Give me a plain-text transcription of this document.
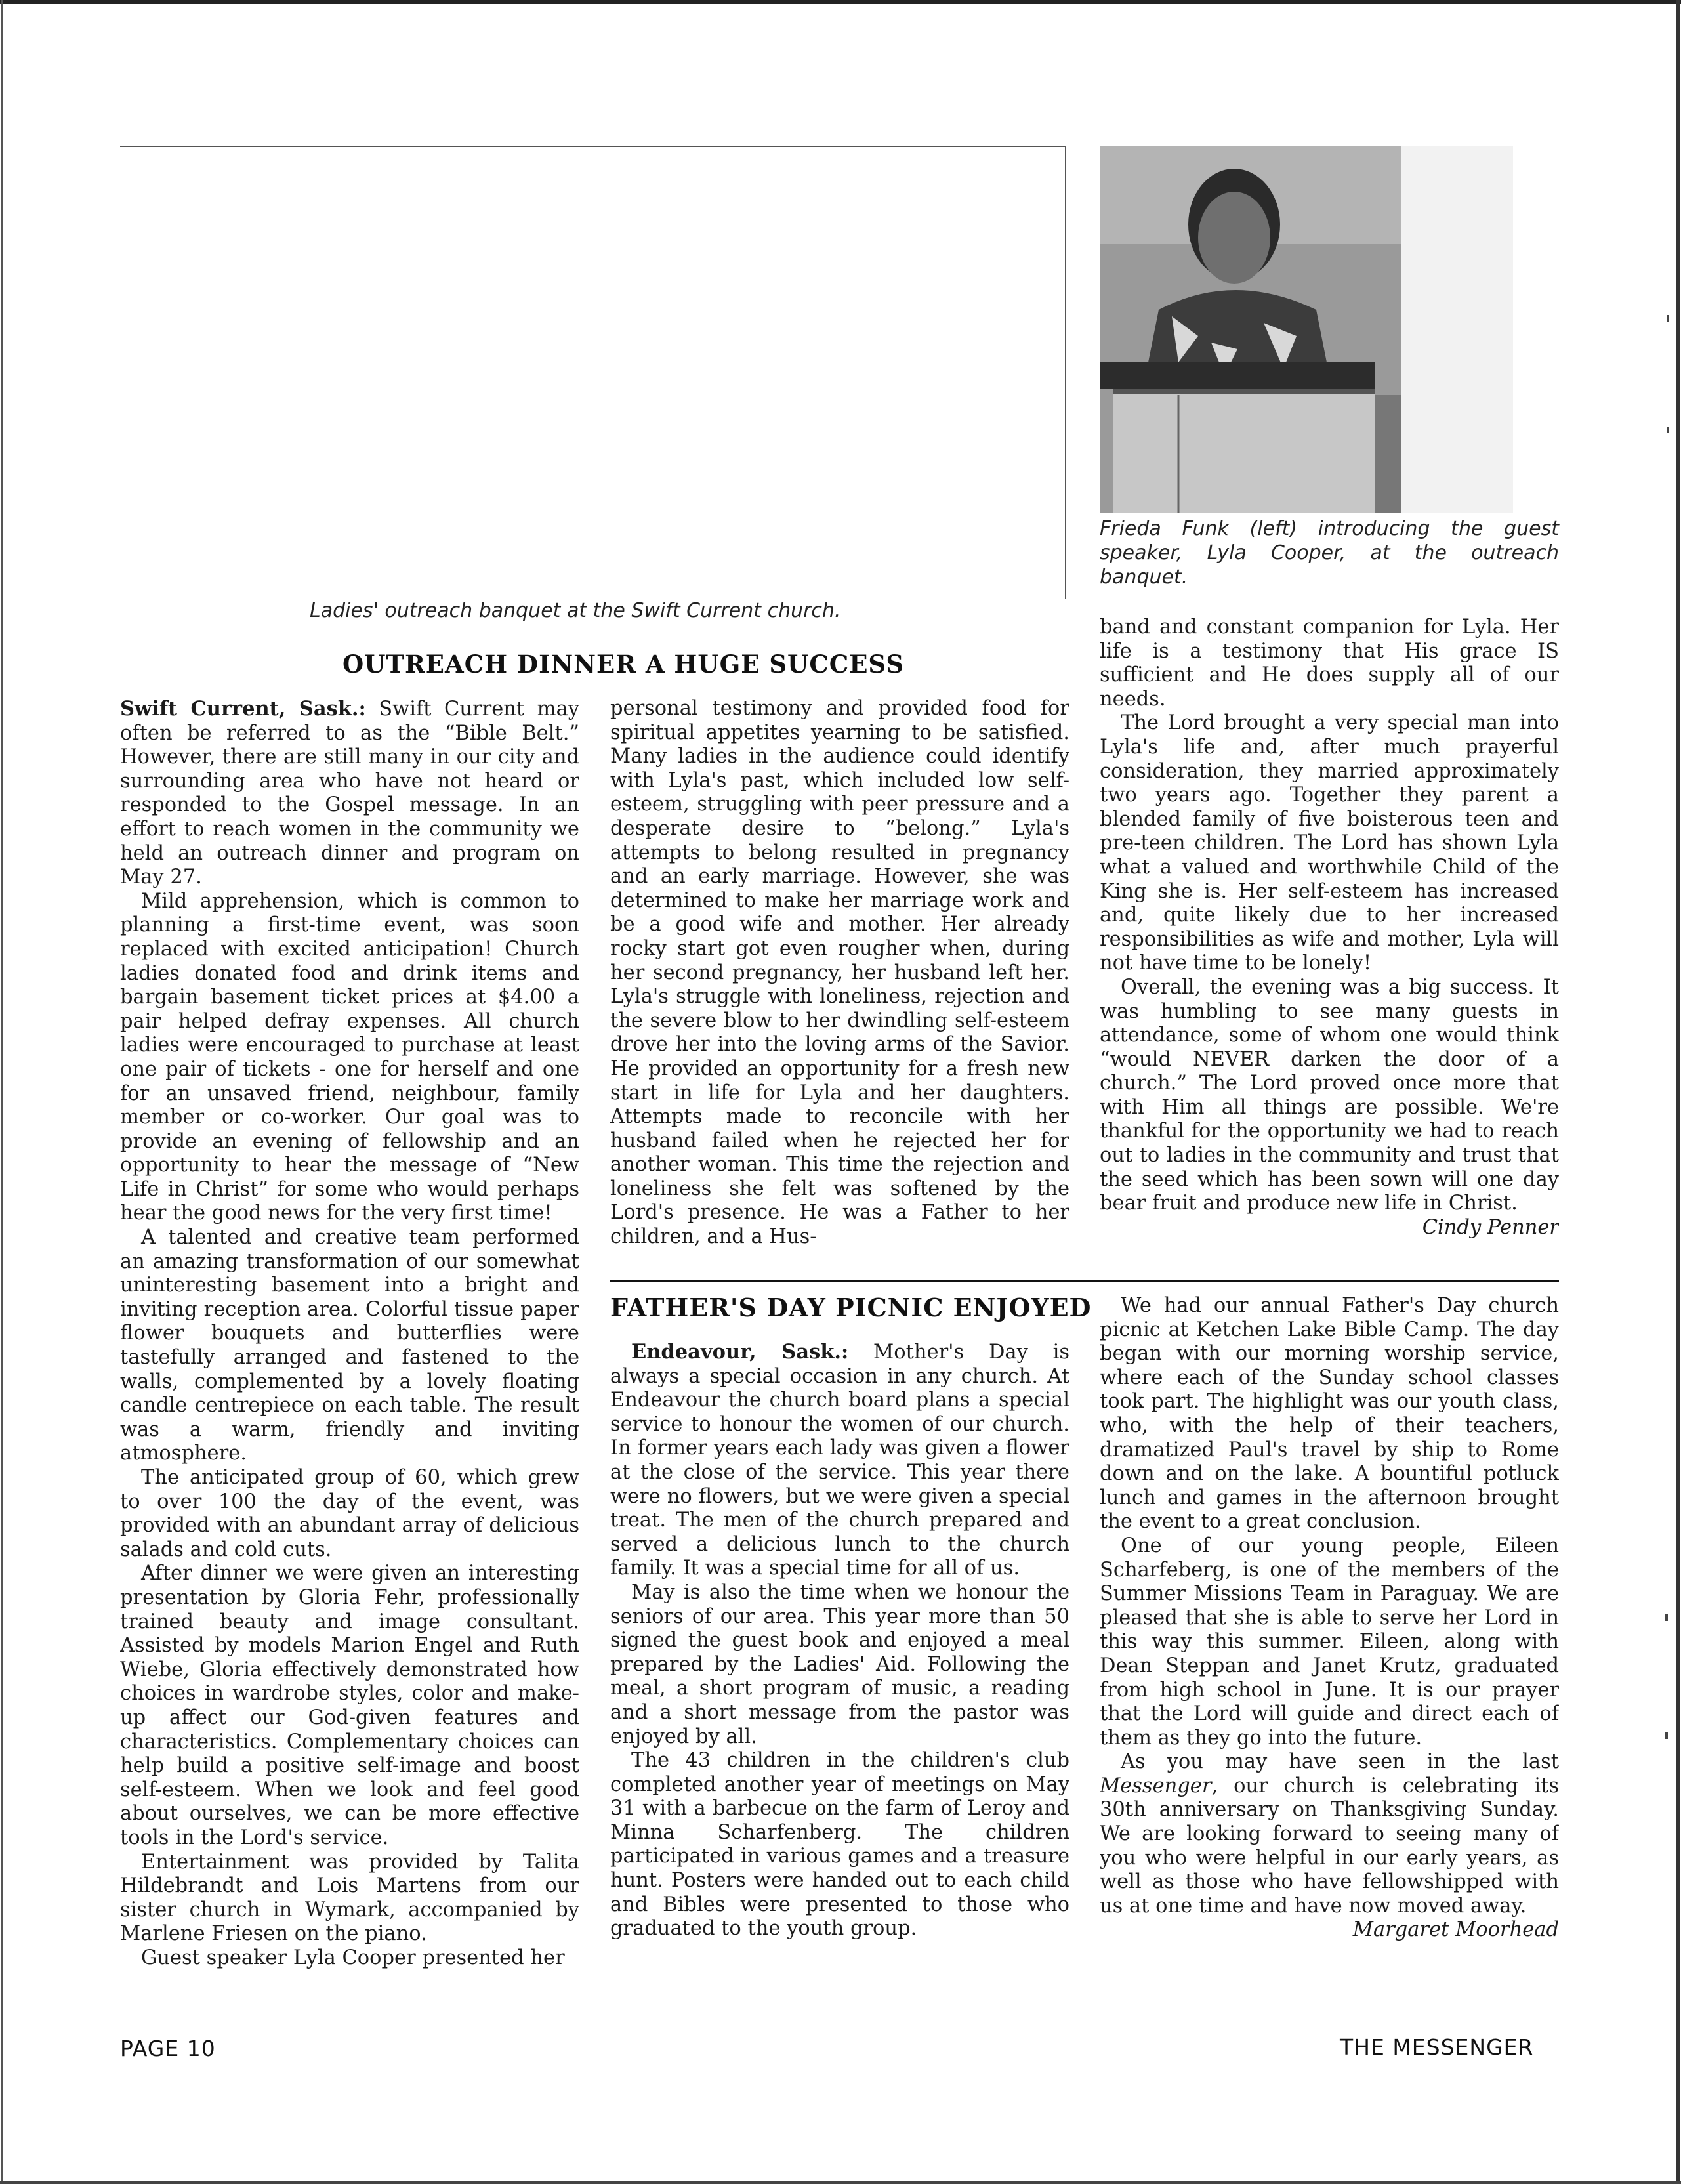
Ladies' outreach banquet at the Swift Current church.
Frieda Funk (left) introducing the guest speaker, Lyla Cooper, at the outreach banquet.
OUTREACH DINNER A HUGE SUCCESS

Swift Current, Sask.: Swift Current may often be referred to as the “Bible Belt.” However, there are still many in our city and surrounding area who have not heard or responded to the Gospel message. In an effort to reach women in the community we held an outreach dinner and program on May 27.

Mild apprehension, which is common to planning a first-time event, was soon replaced with excited anticipation! Church ladies donated food and drink items and bargain basement ticket prices at $4.00 a pair helped defray expenses. All church ladies were encouraged to purchase at least one pair of tickets - one for herself and one for an unsaved friend, neighbour, family member or co-worker. Our goal was to provide an evening of fellowship and an opportunity to hear the message of “New Life in Christ” for some who would perhaps hear the good news for the very first time!

A talented and creative team performed an amazing transformation of our somewhat uninteresting basement into a bright and inviting reception area. Colorful tissue paper flower bouquets and butterflies were tastefully arranged and fastened to the walls, complemented by a lovely floating candle centrepiece on each table. The result was a warm, friendly and inviting atmosphere.

The anticipated group of 60, which grew to over 100 the day of the event, was provided with an abundant array of delicious salads and cold cuts.

After dinner we were given an interesting presentation by Gloria Fehr, professionally trained beauty and image consultant. Assisted by models Marion Engel and Ruth Wiebe, Gloria effectively demonstrated how choices in wardrobe styles, color and make-up affect our God-given features and characteristics. Complementary choices can help build a positive self-image and boost self-esteem. When we look and feel good about ourselves, we can be more effective tools in the Lord's service.

Entertainment was provided by Talita Hildebrandt and Lois Martens from our sister church in Wymark, accompanied by Marlene Friesen on the piano.

Guest speaker Lyla Cooper presented her

personal testimony and provided food for spiritual appetites yearning to be satisfied. Many ladies in the audience could identify with Lyla's past, which included low self-esteem, struggling with peer pressure and a desperate desire to “belong.” Lyla's attempts to belong resulted in pregnancy and an early marriage. However, she was determined to make her marriage work and be a good wife and mother. Her already rocky start got even rougher when, during her second pregnancy, her husband left her. Lyla's struggle with loneliness, rejection and the severe blow to her dwindling self-esteem drove her into the loving arms of the Savior. He provided an opportunity for a fresh new start in life for Lyla and her daughters. Attempts made to reconcile with her husband failed when he rejected her for another woman. This time the rejection and loneliness she felt was softened by the Lord's presence. He was a Father to her children, and a Hus-

band and constant companion for Lyla. Her life is a testimony that His grace IS sufficient and He does supply all of our needs.

The Lord brought a very special man into Lyla's life and, after much prayerful consideration, they married approximately two years ago. Together they parent a blended family of five boisterous teen and pre-teen children. The Lord has shown Lyla what a valued and worthwhile Child of the King she is. Her self-esteem has increased and, quite likely due to her increased responsibilities as wife and mother, Lyla will not have time to be lonely!

Overall, the evening was a big success. It was humbling to see many guests in attendance, some of whom one would think “would NEVER darken the door of a church.” The Lord proved once more that with Him all things are possible. We're thankful for the opportunity we had to reach out to ladies in the community and trust that the seed which has been sown will one day bear fruit and produce new life in Christ.

Cindy Penner

FATHER'S DAY PICNIC ENJOYED

Endeavour, Sask.: Mother's Day is always a special occasion in any church. At Endeavour the church board plans a special service to honour the women of our church. In former years each lady was given a flower at the close of the service. This year there were no flowers, but we were given a special treat. The men of the church prepared and served a delicious lunch to the church family. It was a special time for all of us.

May is also the time when we honour the seniors of our area. This year more than 50 signed the guest book and enjoyed a meal prepared by the Ladies' Aid. Following the meal, a short program of music, a reading and a short message from the pastor was enjoyed by all.

The 43 children in the children's club completed another year of meetings on May 31 with a barbecue on the farm of Leroy and Minna Scharfenberg. The children participated in various games and a treasure hunt. Posters were handed out to each child and Bibles were presented to those who graduated to the youth group.

We had our annual Father's Day church picnic at Ketchen Lake Bible Camp. The day began with our morning worship service, where each of the Sunday school classes took part. The highlight was our youth class, who, with the help of their teachers, dramatized Paul's travel by ship to Rome down and on the lake. A bountiful potluck lunch and games in the afternoon brought the event to a great conclusion.

One of our young people, Eileen Scharfeberg, is one of the members of the Summer Missions Team in Paraguay. We are pleased that she is able to serve her Lord in this way this summer. Eileen, along with Dean Steppan and Janet Krutz, graduated from high school in June. It is our prayer that the Lord will guide and direct each of them as they go into the future.

As you may have seen in the last Messenger, our church is celebrating its 30th anniversary on Thanksgiving Sunday. We are looking forward to seeing many of you who were helpful in our early years, as well as those who have fellowshipped with us at one time and have now moved away.

Margaret Moorhead

PAGE 10	THE MESSENGER
